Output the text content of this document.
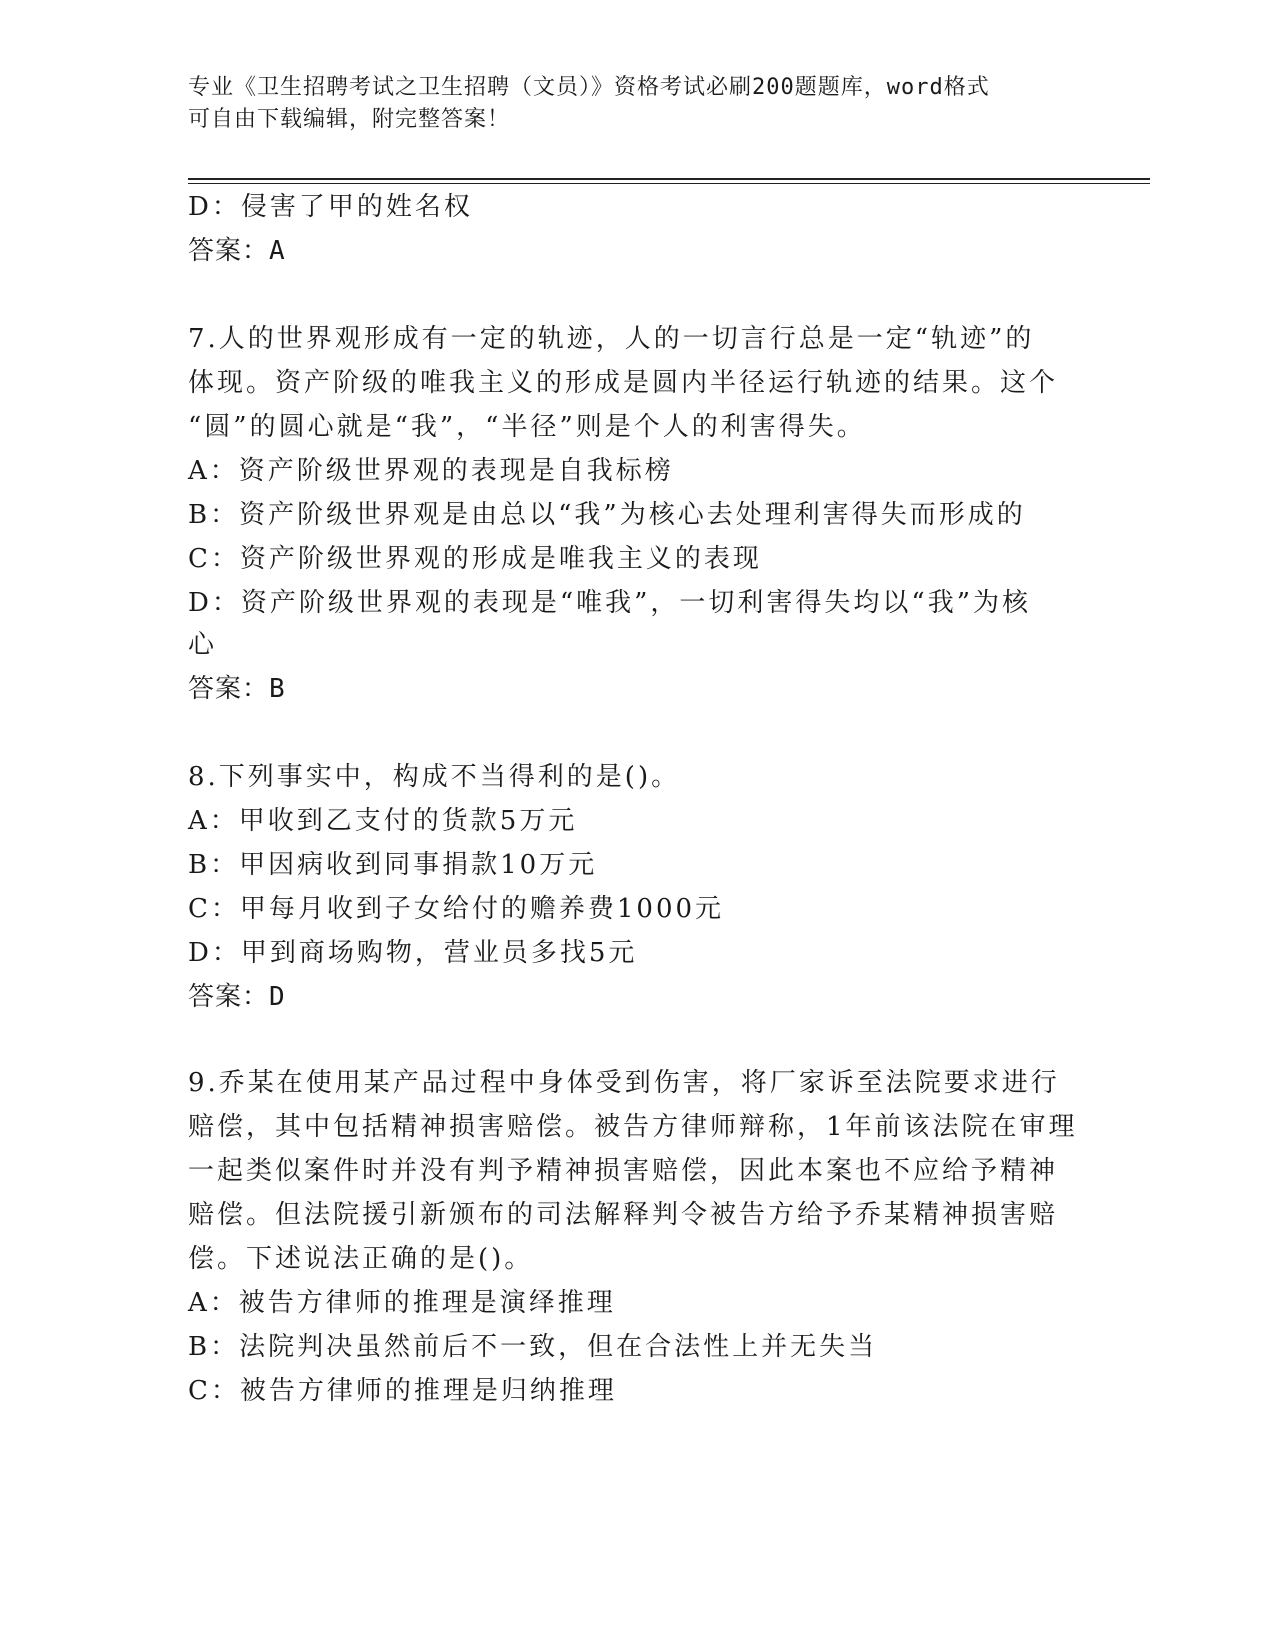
专业《卫生招聘考试之卫生招聘（文员）》资格考试必刷200题题库，word格式
可自由下载编辑，附完整答案！
D：侵害了甲的姓名权
答案：A
7.人的世界观形成有一定的轨迹，人的一切言行总是一定“轨迹”的
体现。资产阶级的唯我主义的形成是圆内半径运行轨迹的结果。这个
“圆”的圆心就是“我”，“半径”则是个人的利害得失。
A：资产阶级世界观的表现是自我标榜
B：资产阶级世界观是由总以“我”为核心去处理利害得失而形成的
C：资产阶级世界观的形成是唯我主义的表现
D：资产阶级世界观的表现是“唯我”，一切利害得失均以“我”为核
心
答案：B
8.下列事实中，构成不当得利的是()。
A：甲收到乙支付的货款5万元
B：甲因病收到同事捐款10万元
C：甲每月收到子女给付的赡养费1000元
D：甲到商场购物，营业员多找5元
答案：D
9.乔某在使用某产品过程中身体受到伤害，将厂家诉至法院要求进行
赔偿，其中包括精神损害赔偿。被告方律师辩称，1年前该法院在审理
一起类似案件时并没有判予精神损害赔偿，因此本案也不应给予精神
赔偿。但法院援引新颁布的司法解释判令被告方给予乔某精神损害赔
偿。下述说法正确的是()。
A：被告方律师的推理是演绎推理
B：法院判决虽然前后不一致，但在合法性上并无失当
C：被告方律师的推理是归纳推理
